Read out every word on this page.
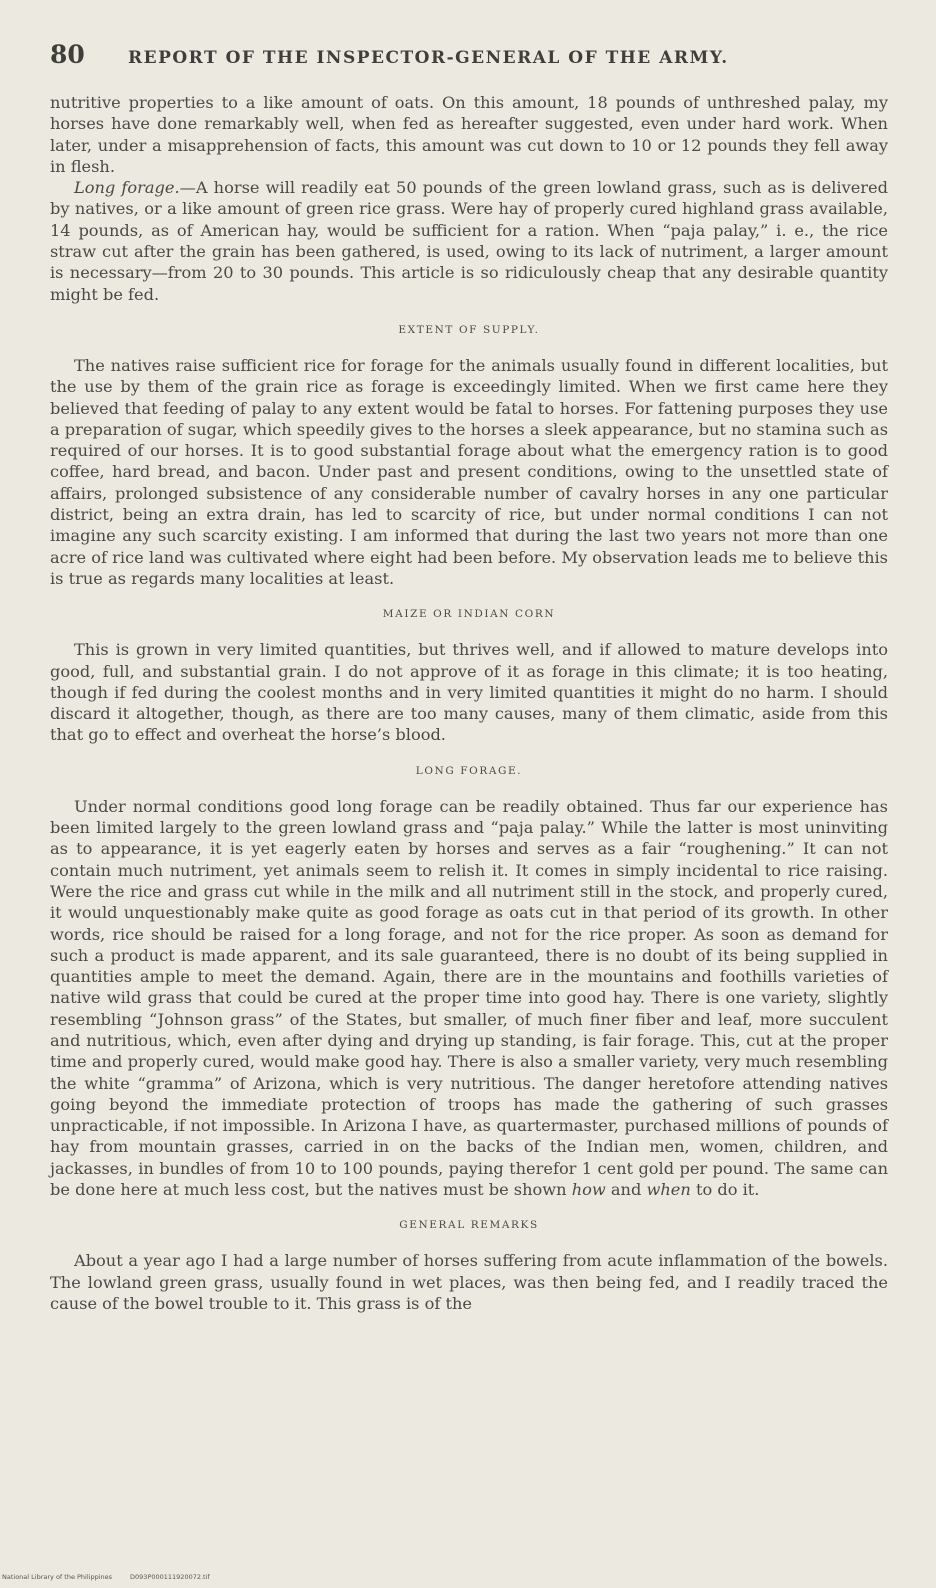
80	REPORT OF THE INSPECTOR-GENERAL OF THE ARMY.

nutritive properties to a like amount of oats. On this amount, 18 pounds of unthreshed palay, my horses have done remarkably well, when fed as hereafter suggested, even under hard work. When later, under a misapprehension of facts, this amount was cut down to 10 or 12 pounds they fell away in flesh.

Long forage.—A horse will readily eat 50 pounds of the green lowland grass, such as is delivered by natives, or a like amount of green rice grass. Were hay of properly cured highland grass available, 14 pounds, as of American hay, would be sufficient for a ration. When “paja palay,” i. e., the rice straw cut after the grain has been gathered, is used, owing to its lack of nutriment, a larger amount is necessary—from 20 to 30 pounds. This article is so ridiculously cheap that any desirable quantity might be fed.

EXTENT OF SUPPLY.

The natives raise sufficient rice for forage for the animals usually found in different localities, but the use by them of the grain rice as forage is exceedingly limited. When we first came here they believed that feeding of palay to any extent would be fatal to horses. For fattening purposes they use a preparation of sugar, which speedily gives to the horses a sleek appearance, but no stamina such as required of our horses. It is to good substantial forage about what the emergency ration is to good coffee, hard bread, and bacon. Under past and present conditions, owing to the unsettled state of affairs, prolonged subsistence of any considerable number of cavalry horses in any one particular district, being an extra drain, has led to scarcity of rice, but under normal conditions I can not imagine any such scarcity existing. I am informed that during the last two years not more than one acre of rice land was cultivated where eight had been before. My observation leads me to believe this is true as regards many localities at least.

MAIZE OR INDIAN CORN

This is grown in very limited quantities, but thrives well, and if allowed to mature develops into good, full, and substantial grain. I do not approve of it as forage in this climate; it is too heating, though if fed during the coolest months and in very limited quantities it might do no harm. I should discard it altogether, though, as there are too many causes, many of them climatic, aside from this that go to effect and overheat the horse’s blood.

LONG FORAGE.

Under normal conditions good long forage can be readily obtained. Thus far our experience has been limited largely to the green lowland grass and “paja palay.” While the latter is most uninviting as to appearance, it is yet eagerly eaten by horses and serves as a fair “roughening.” It can not contain much nutriment, yet animals seem to relish it. It comes in simply incidental to rice raising. Were the rice and grass cut while in the milk and all nutriment still in the stock, and properly cured, it would unquestionably make quite as good forage as oats cut in that period of its growth. In other words, rice should be raised for a long forage, and not for the rice proper. As soon as demand for such a product is made apparent, and its sale guaranteed, there is no doubt of its being supplied in quantities ample to meet the demand. Again, there are in the mountains and foothills varieties of native wild grass that could be cured at the proper time into good hay. There is one variety, slightly resembling “Johnson grass” of the States, but smaller, of much finer fiber and leaf, more succulent and nutritious, which, even after dying and drying up standing, is fair forage. This, cut at the proper time and properly cured, would make good hay. There is also a smaller variety, very much resembling the white “gramma” of Arizona, which is very nutritious. The danger heretofore attending natives going beyond the immediate protection of troops has made the gathering of such grasses unpracticable, if not impossible. In Arizona I have, as quartermaster, purchased millions of pounds of hay from mountain grasses, carried in on the backs of the Indian men, women, children, and jackasses, in bundles of from 10 to 100 pounds, paying therefor 1 cent gold per pound. The same can be done here at much less cost, but the natives must be shown how and when to do it.

GENERAL REMARKS

About a year ago I had a large number of horses suffering from acute inflammation of the bowels. The lowland green grass, usually found in wet places, was then being fed, and I readily traced the cause of the bowel trouble to it. This grass is of the

National Library of the Philippines	D093P000111920072.tif
